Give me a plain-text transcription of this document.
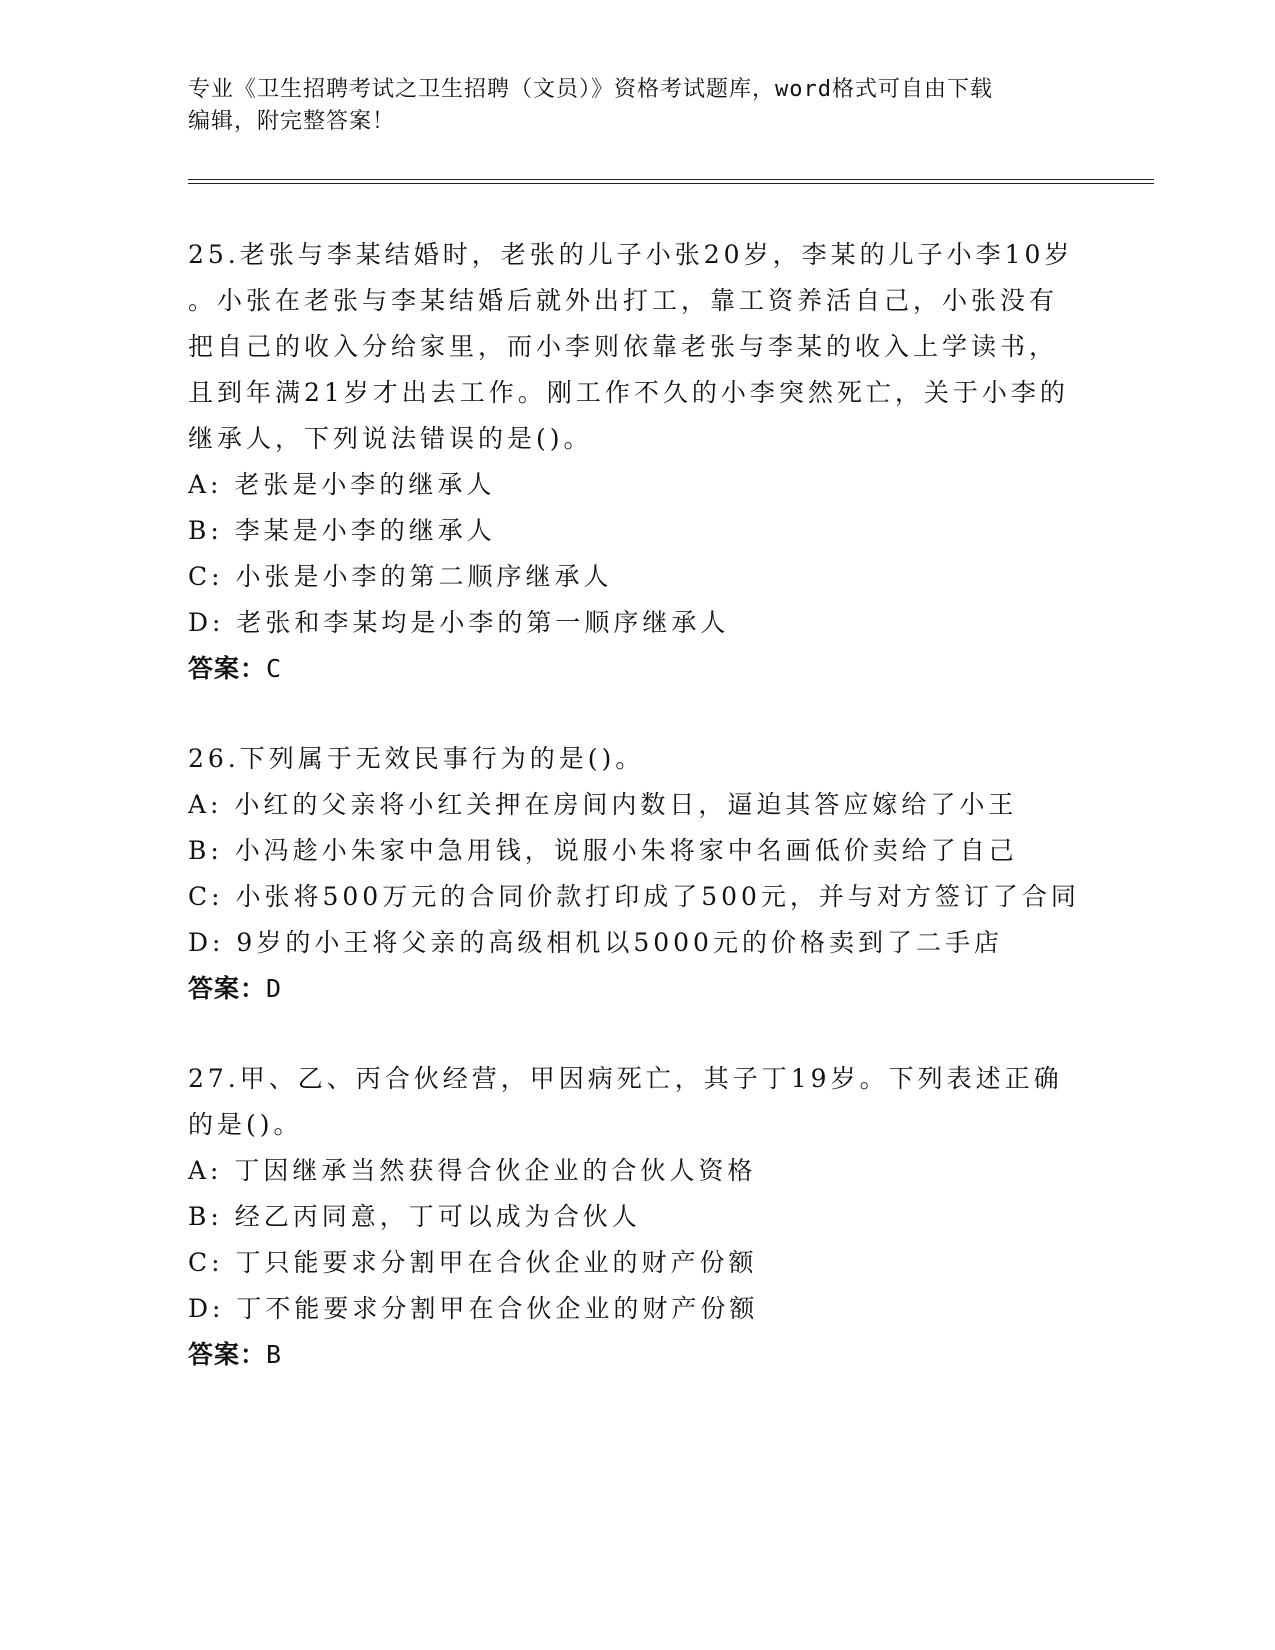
专业《卫生招聘考试之卫生招聘（文员）》资格考试题库，word格式可自由下载

编辑，附完整答案！

25.老张与李某结婚时，老张的儿子小张20岁，李某的儿子小李10岁

。小张在老张与李某结婚后就外出打工，靠工资养活自己，小张没有

把自己的收入分给家里，而小李则依靠老张与李某的收入上学读书，

且到年满21岁才出去工作。刚工作不久的小李突然死亡，关于小李的

继承人，下列说法错误的是()。

A: 老张是小李的继承人

B: 李某是小李的继承人

C: 小张是小李的第二顺序继承人

D: 老张和李某均是小李的第一顺序继承人

答案：C

26.下列属于无效民事行为的是()。

A: 小红的父亲将小红关押在房间内数日，逼迫其答应嫁给了小王

B: 小冯趁小朱家中急用钱，说服小朱将家中名画低价卖给了自己

C: 小张将500万元的合同价款打印成了500元，并与对方签订了合同

D: 9岁的小王将父亲的高级相机以5000元的价格卖到了二手店

答案：D

27.甲、乙、丙合伙经营，甲因病死亡，其子丁19岁。下列表述正确

的是()。

A: 丁因继承当然获得合伙企业的合伙人资格

B: 经乙丙同意，丁可以成为合伙人

C: 丁只能要求分割甲在合伙企业的财产份额

D: 丁不能要求分割甲在合伙企业的财产份额

答案：B
